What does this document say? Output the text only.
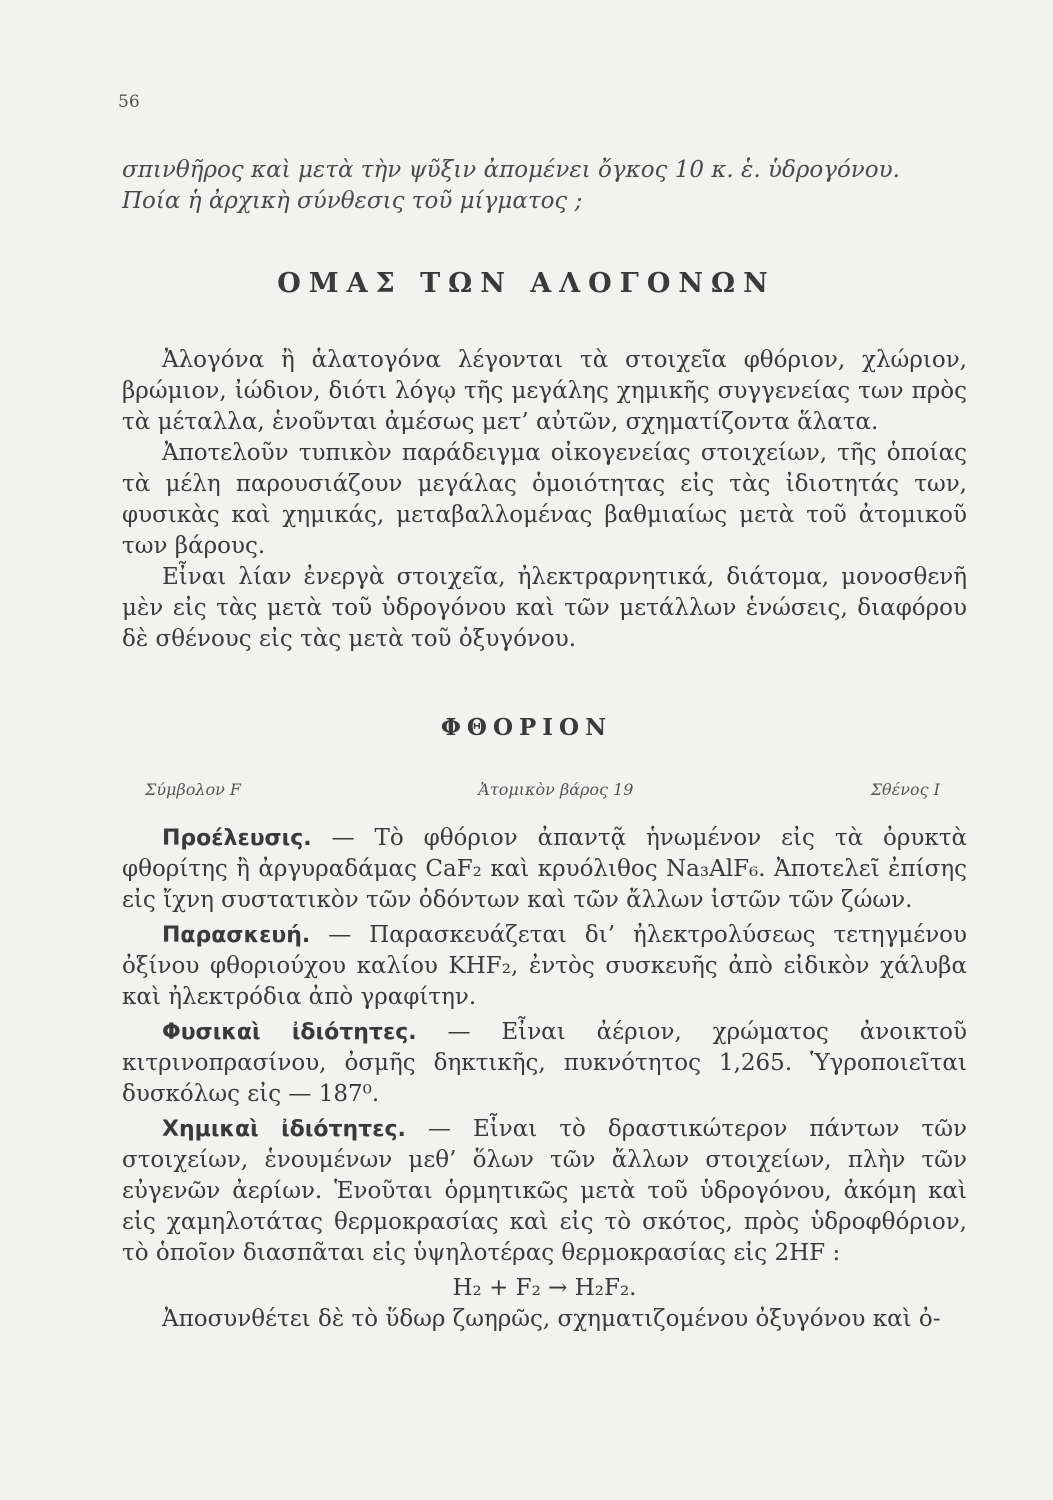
56
σπινθῆρος καὶ μετὰ τὴν ψῦξιν ἀπομένει ὄγκος 10 κ. ἑ. ὑδρογόνου.
Ποία ἡ ἀρχικὴ σύνθεσις τοῦ μίγματος ;
ΟΜΑΣ ΤΩΝ ΑΛΟΓΟΝΩΝ

Ἀλογόνα ἢ ἁλατογόνα λέγονται τὰ στοιχεῖα φθόριον, χλώριον, βρώμιον, ἰώδιον, διότι λόγῳ τῆς μεγάλης χημικῆς συγγενείας των πρὸς τὰ μέταλλα, ἑνοῦνται ἀμέσως μετ’ αὐτῶν, σχηματίζοντα ἅλατα.

Ἀποτελοῦν τυπικὸν παράδειγμα οἰκογενείας στοιχείων, τῆς ὁποίας τὰ μέλη παρουσιάζουν μεγάλας ὁμοιότητας εἰς τὰς ἰδιοτητάς των, φυσικὰς καὶ χημικάς, μεταβαλλομένας βαθμιαίως μετὰ τοῦ ἀτομικοῦ των βάρους.

Εἶναι λίαν ἐνεργὰ στοιχεῖα, ἠλεκτραρνητικά, διάτομα, μονοσθενῆ μὲν εἰς τὰς μετὰ τοῦ ὑδρογόνου καὶ τῶν μετάλλων ἑνώσεις, διαφόρου δὲ σθένους εἰς τὰς μετὰ τοῦ ὀξυγόνου.

ΦΘΟΡΙΟΝ
Σύμβολον F	Ἀτομικὸν βάρος 19	Σθένος I

Προέλευσις. — Τὸ φθόριον ἀπαντᾷ ἡνωμένον εἰς τὰ ὀρυκτὰ φθορίτης ἢ ἀργυραδάμας CaF₂ καὶ κρυόλιθος Na₃AlF₆. Ἀποτελεῖ ἐπίσης εἰς ἴχνη συστατικὸν τῶν ὀδόντων καὶ τῶν ἄλλων ἱστῶν τῶν ζώων.

Παρασκευή. — Παρασκευάζεται δι’ ἠλεκτρολύσεως τετηγμένου ὀξίνου φθοριούχου καλίου KHF₂, ἐντὸς συσκευῆς ἀπὸ εἰδικὸν χάλυβα καὶ ἠλεκτρόδια ἀπὸ γραφίτην.

Φυσικαὶ ἰδιότητες. — Εἶναι ἀέριον, χρώματος ἀνοικτοῦ κιτρινοπρασίνου, ὀσμῆς δηκτικῆς, πυκνότητος 1,265. Ὑγροποιεῖται δυσκόλως εἰς — 187⁰.

Χημικαὶ ἰδιότητες. — Εἶναι τὸ δραστικώτερον πάντων τῶν στοιχείων, ἑνουμένων μεθ’ ὅλων τῶν ἄλλων στοιχείων, πλὴν τῶν εὐγενῶν ἀερίων. Ἑνοῦται ὁρμητικῶς μετὰ τοῦ ὑδρογόνου, ἀκόμη καὶ εἰς χαμηλοτάτας θερμοκρασίας καὶ εἰς τὸ σκότος, πρὸς ὑδροφθόριον, τὸ ὁποῖον διασπᾶται εἰς ὑψηλοτέρας θερμοκρασίας εἰς 2HF :

H₂ + F₂ → H₂F₂.

Ἀποσυνθέτει δὲ τὸ ὕδωρ ζωηρῶς, σχηματιζομένου ὀξυγόνου καὶ ὀ-
